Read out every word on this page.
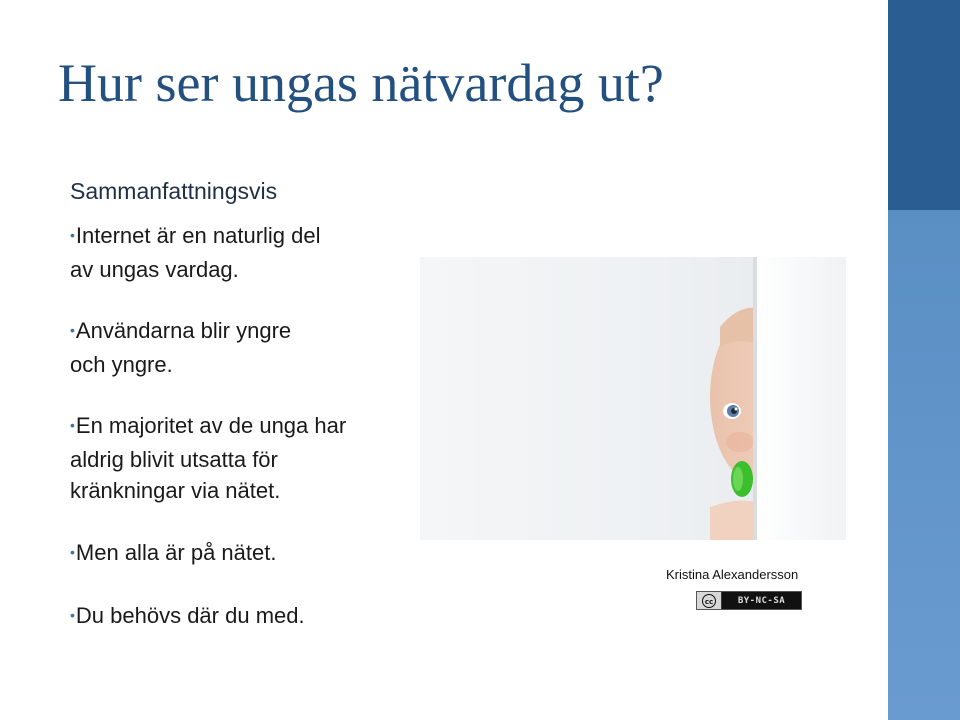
Hur ser ungas nätvardag ut?

Sammanfattningsvis

•Internet är en naturlig del
av ungas vardag.
•Användarna blir yngre
och yngre.
•En majoritet av de unga har
aldrig blivit utsatta för
kränkningar via nätet.
•Men alla är på nätet.
•Du behövs där du med.

Kristina Alexandersson

cc	BY-NC-SA
